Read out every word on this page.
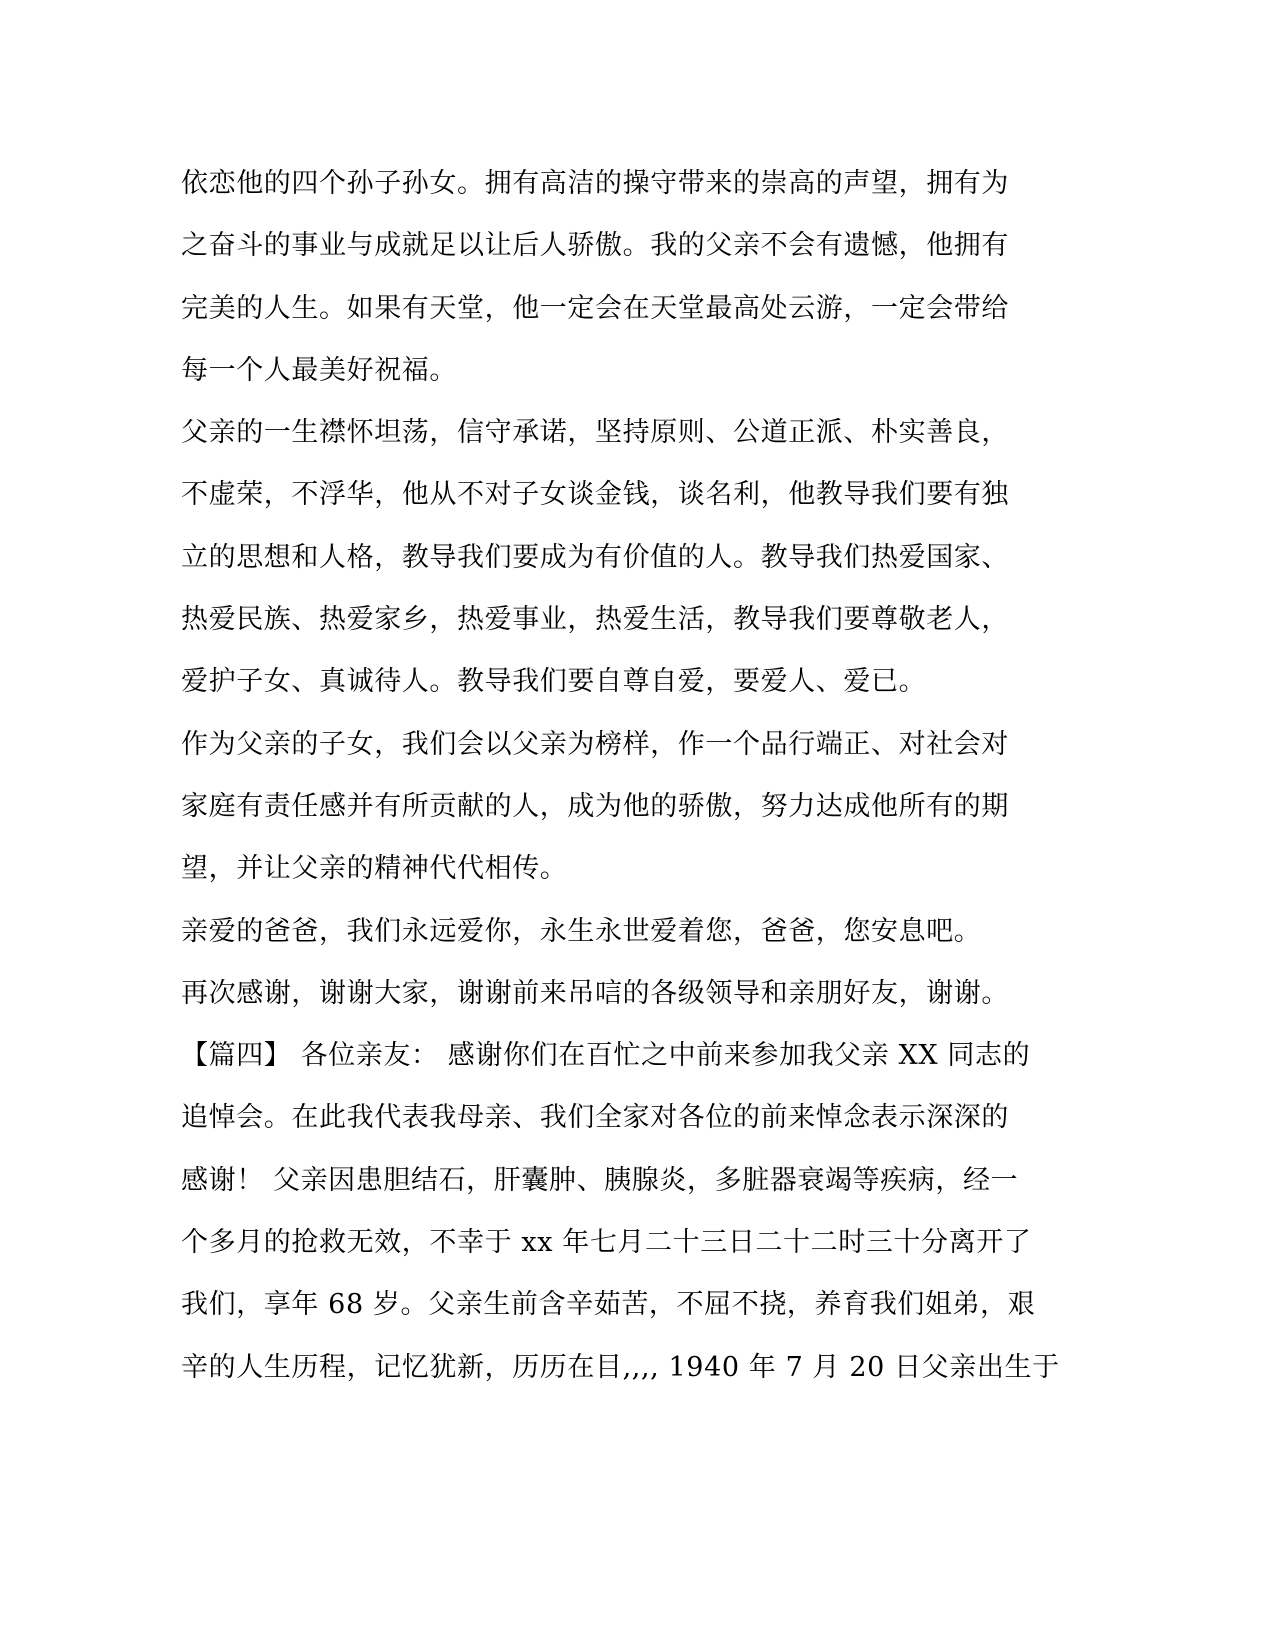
依恋他的四个孙子孙女。拥有高洁的操守带来的崇高的声望，拥有为
之奋斗的事业与成就足以让后人骄傲。我的父亲不会有遗憾，他拥有
完美的人生。如果有天堂，他一定会在天堂最高处云游，一定会带给
每一个人最美好祝福。
父亲的一生襟怀坦荡，信守承诺，坚持原则、公道正派、朴实善良，
不虚荣，不浮华，他从不对子女谈金钱，谈名利，他教导我们要有独
立的思想和人格，教导我们要成为有价值的人。教导我们热爱国家、
热爱民族、热爱家乡，热爱事业，热爱生活，教导我们要尊敬老人，
爱护子女、真诚待人。教导我们要自尊自爱，要爱人、爱已。
作为父亲的子女，我们会以父亲为榜样，作一个品行端正、对社会对
家庭有责任感并有所贡献的人，成为他的骄傲，努力达成他所有的期
望，并让父亲的精神代代相传。
亲爱的爸爸，我们永远爱你，永生永世爱着您，爸爸，您安息吧。
再次感谢，谢谢大家，谢谢前来吊唁的各级领导和亲朋好友，谢谢。
【篇四】 各位亲友： 感谢你们在百忙之中前来参加我父亲 XX 同志的
追悼会。在此我代表我母亲、我们全家对各位的前来悼念表示深深的
感谢！ 父亲因患胆结石，肝囊肿、胰腺炎，多脏器衰竭等疾病，经一
个多月的抢救无效，不幸于 xx 年七月二十三日二十二时三十分离开了
我们，享年 68 岁。父亲生前含辛茹苦，不屈不挠，养育我们姐弟，艰
辛的人生历程，记忆犹新，历历在目,,,, 1940 年 7 月 20 日父亲出生于
